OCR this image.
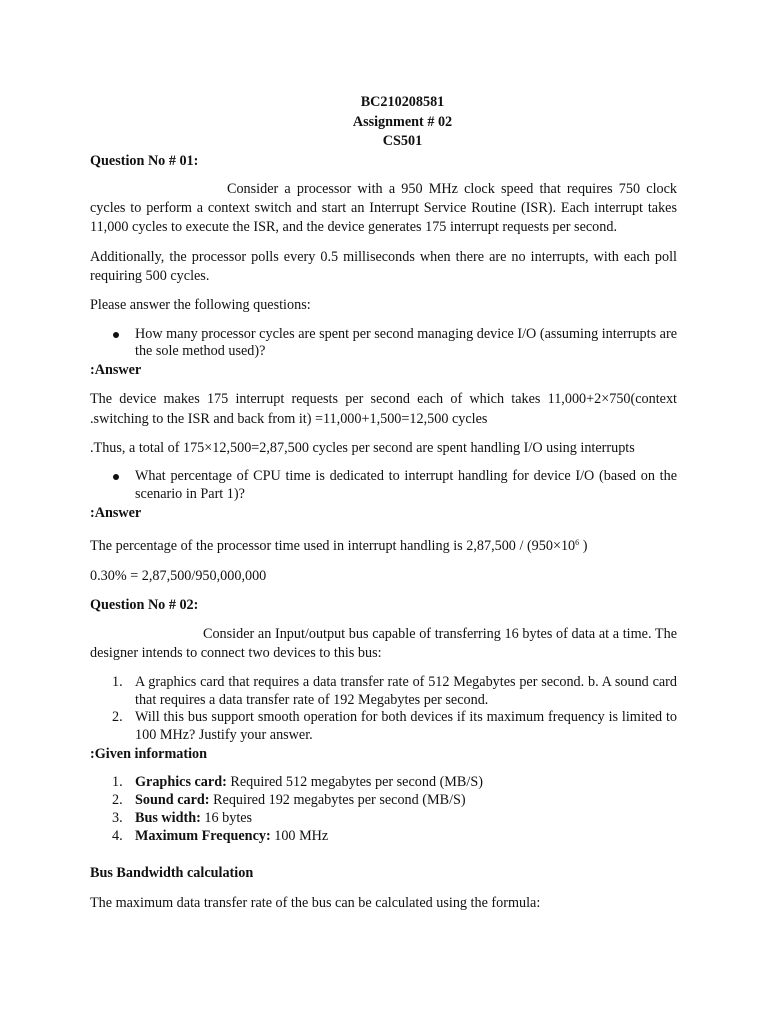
BC210208581
Assignment # 02
CS501

Question No # 01:

Consider a processor with a 950 MHz clock speed that requires 750 clock cycles to perform a context switch and start an Interrupt Service Routine (ISR). Each interrupt takes 11,000 cycles to execute the ISR, and the device generates 175 interrupt requests per second.

Additionally, the processor polls every 0.5 milliseconds when there are no interrupts, with each poll requiring 500 cycles.

Please answer the following questions:

How many processor cycles are spent per second managing device I/O (assuming interrupts are the sole method used)?

:Answer

The device makes 175 interrupt requests per second each of which takes 11,000+2×750(context .switching to the ISR and back from it) =11,000+1,500=12,500 cycles

.Thus, a total of 175×12,500=2,87,500 cycles per second are spent handling I/O using interrupts

What percentage of CPU time is dedicated to interrupt handling for device I/O (based on the scenario in Part 1)?

:Answer

The percentage of the processor time used in interrupt handling is $2,87,500 / (950\times 10^6$ )

0.30% = 2,87,500/950,000,000

Question No # 02:

Consider an Input/output bus capable of transferring 16 bytes of data at a time. The designer intends to connect two devices to this bus:

1. A graphics card that requires a data transfer rate of 512 Megabytes per second. b. A sound card that requires a data transfer rate of 192 Megabytes per second.
2. Will this bus support smooth operation for both devices if its maximum frequency is limited to 100 MHz? Justify your answer.

:Given information

1. Graphics card: Required 512 megabytes per second (MB/S)
2. Sound card: Required 192 megabytes per second (MB/S)
3. Bus width: 16 bytes
4. Maximum Frequency: 100 MHz

Bus Bandwidth calculation

The maximum data transfer rate of the bus can be calculated using the formula:
